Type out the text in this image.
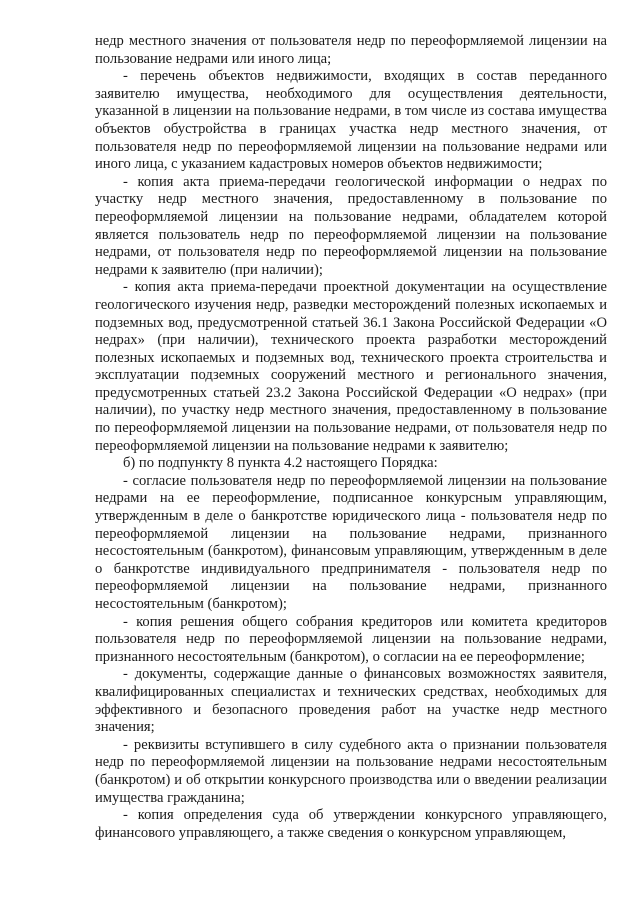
недр местного значения от пользователя недр по переоформляемой лицензии на пользование недрами или иного лица;

- перечень объектов недвижимости, входящих в состав переданного заявителю имущества, необходимого для осуществления деятельности, указанной в лицензии на пользование недрами, в том числе из состава имущества объектов обустройства в границах участка недр местного значения, от пользователя недр по переоформляемой лицензии на пользование недрами или иного лица, с указанием кадастровых номеров объектов недвижимости;

- копия акта приема-передачи геологической информации о недрах по участку недр местного значения, предоставленному в пользование по переоформляемой лицензии на пользование недрами, обладателем которой является пользователь недр по переоформляемой лицензии на пользование недрами, от пользователя недр по переоформляемой лицензии на пользование недрами к заявителю (при наличии);

- копия акта приема-передачи проектной документации на осуществление геологического изучения недр, разведки месторождений полезных ископаемых и подземных вод, предусмотренной статьей 36.1 Закона Российской Федерации «О недрах» (при наличии), технического проекта разработки месторождений полезных ископаемых и подземных вод, технического проекта строительства и эксплуатации подземных сооружений местного и регионального значения, предусмотренных статьей 23.2 Закона Российской Федерации «О недрах» (при наличии), по участку недр местного значения, предоставленному в пользование по переоформляемой лицензии на пользование недрами, от пользователя недр по переоформляемой лицензии на пользование недрами к заявителю;

б) по подпункту 8 пункта 4.2 настоящего Порядка:

- согласие пользователя недр по переоформляемой лицензии на пользование недрами на ее переоформление, подписанное конкурсным управляющим, утвержденным в деле о банкротстве юридического лица - пользователя недр по переоформляемой лицензии на пользование недрами, признанного несостоятельным (банкротом), финансовым управляющим, утвержденным в деле о банкротстве индивидуального предпринимателя - пользователя недр по переоформляемой лицензии на пользование недрами, признанного несостоятельным (банкротом);

- копия решения общего собрания кредиторов или комитета кредиторов пользователя недр по переоформляемой лицензии на пользование недрами, признанного несостоятельным (банкротом), о согласии на ее переоформление;

- документы, содержащие данные о финансовых возможностях заявителя, квалифицированных специалистах и технических средствах, необходимых для эффективного и безопасного проведения работ на участке недр местного значения;

- реквизиты вступившего в силу судебного акта о признании пользователя недр по переоформляемой лицензии на пользование недрами несостоятельным (банкротом) и об открытии конкурсного производства или о введении реализации имущества гражданина;

- копия определения суда об утверждении конкурсного управляющего, финансового управляющего, а также сведения о конкурсном управляющем,
